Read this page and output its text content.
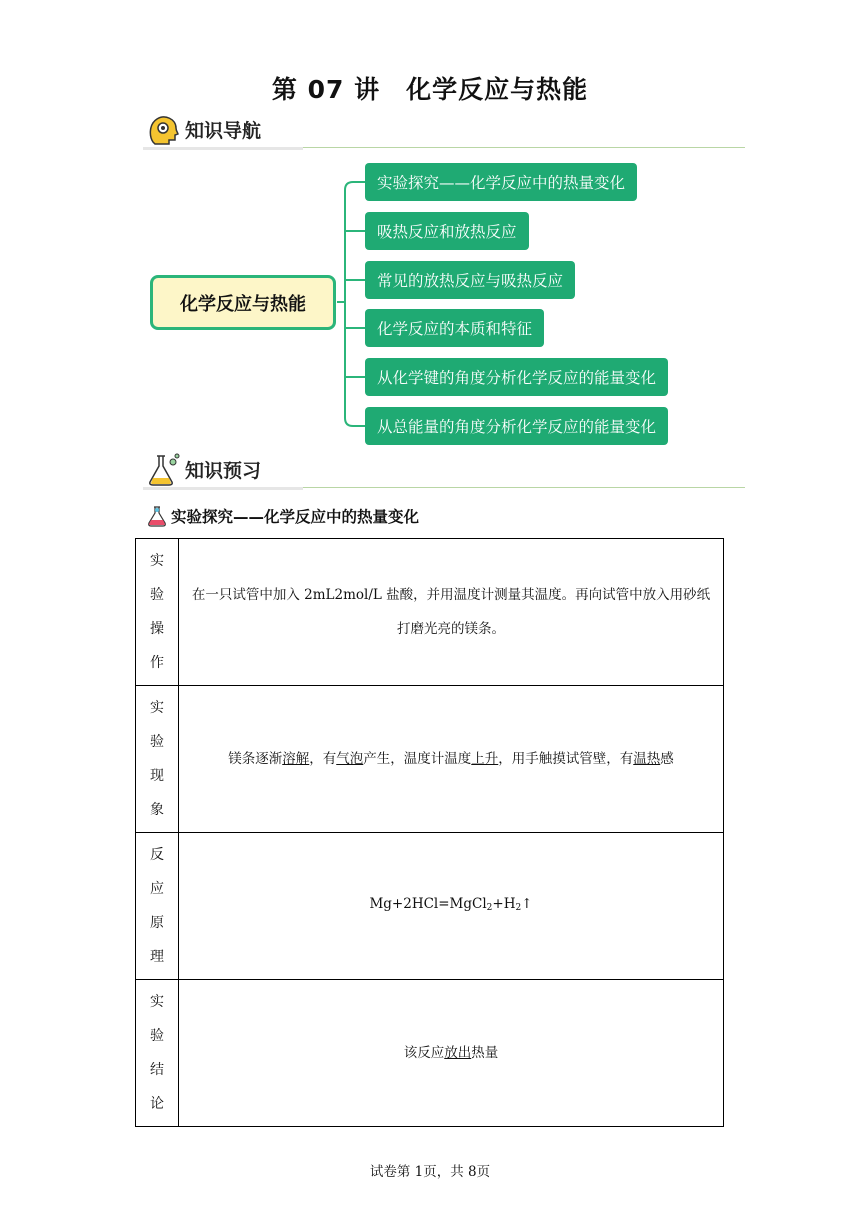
第 07 讲　化学反应与热能
知识导航
化学反应与热能
实验探究——化学反应中的热量变化
吸热反应和放热反应
常见的放热反应与吸热反应
化学反应的本质和特征
从化学键的角度分析化学反应的能量变化
从总能量的角度分析化学反应的能量变化
知识预习
实验探究——化学反应中的热量变化
实
验
操
作	在一只试管中加入 2mL2mol/L 盐酸，并用温度计测量其温度。再向试管中放入用砂纸打磨光亮的镁条。

实
验
现
象	镁条逐渐溶解，有气泡产生，温度计温度上升，用手触摸试管壁，有温热感

反
应
原
理	$Mg+2HCl=MgCl_2+H_2↑$

实
验
结
论	该反应放出热量
试卷第 1页，共 8页
